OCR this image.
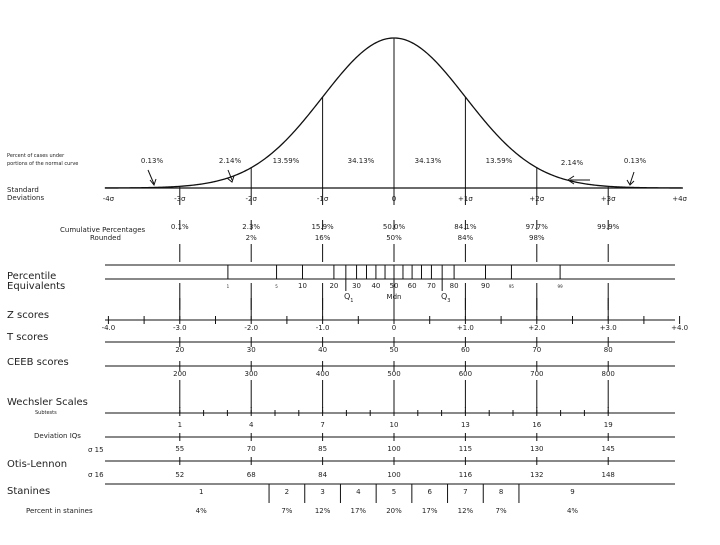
Percent of cases under
portions of the normal curve	0.13%	2.14%	13.59%	34.13%	34.13%	13.59%	2.14%	0.13%
Standard
Deviations	-4σ	-3σ	-2σ	-1σ	0	+1σ	+2σ	+3σ	+4σ
Cumulative Percentages
Rounded
0.1%	2.3%	15.9%	50.0%	84.1%	97.7%	99.9%
2%	16%	50%	84%	98%
Percentile
Equivalents	1	5	10	20 30 40 50 60 70 80	90	95	99
$Q_1$	Mdn	$Q_3$
Z scores
-4.0	-3.0	-2.0	-1.0	0	+1.0	+2.0	+3.0	+4.0
T scores
20	30	40	50	60	70	80
CEEB scores
200	300	400	500	600	700	800
Wechsler Scales
Subtests
1	4	7	10	13	16	19
Deviation IQs
σ 15	55	70	85	100	115	130	145
Otis-Lennon
σ 16	52	68	84	100	116	132	148
Stanines	1	2	3	4	5	6	7	8	9
Percent in stanines	4%	7%	12%	17%	20%	17%	12%	7%	4%
